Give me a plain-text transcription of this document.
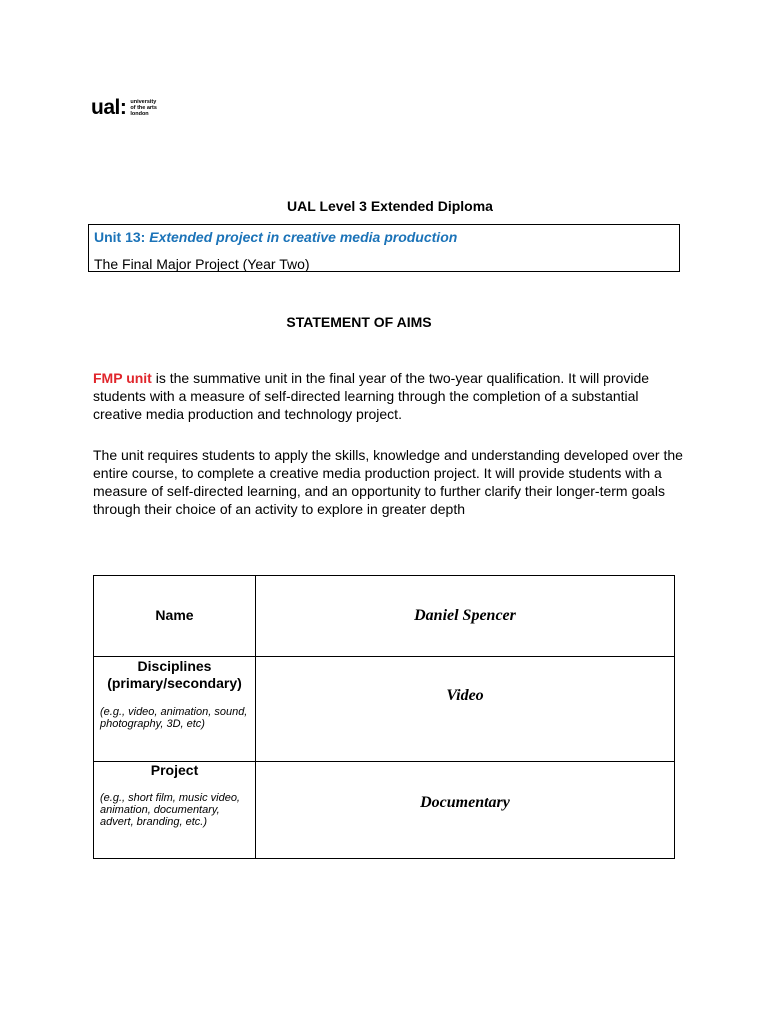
ual: university
of the arts
london
UAL Level 3 Extended Diploma
Unit 13: Extended project in creative media production
The Final Major Project (Year Two)
STATEMENT OF AIMS
FMP unit is the summative unit in the final year of the two-year qualification. It will provide students with a measure of self-directed learning through the completion of a substantial creative media production and technology project.
The unit requires students to apply the skills, knowledge and understanding developed over the entire course, to complete a creative media production project. It will provide students with a measure of self-directed learning, and an opportunity to further clarify their longer-term goals through their choice of an activity to explore in greater depth
Name	Daniel Spencer

Disciplines (primary/secondary)
(e.g., video, animation, sound, photography, 3D, etc)	Video

Project
(e.g., short film, music video, animation, documentary, advert, branding, etc.)	Documentary
